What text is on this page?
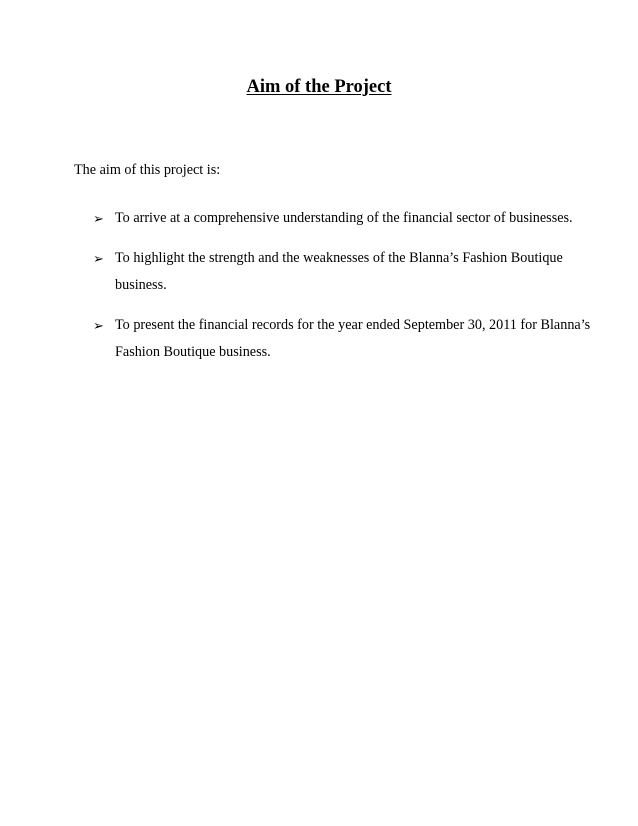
Aim of the Project
The aim of this project is:
➢ To arrive at a comprehensive understanding of the financial sector of businesses.
➢ To highlight the strength and the weaknesses of the Blanna’s Fashion Boutique business.
➢ To present the financial records for the year ended September 30, 2011 for Blanna’s Fashion Boutique business.
